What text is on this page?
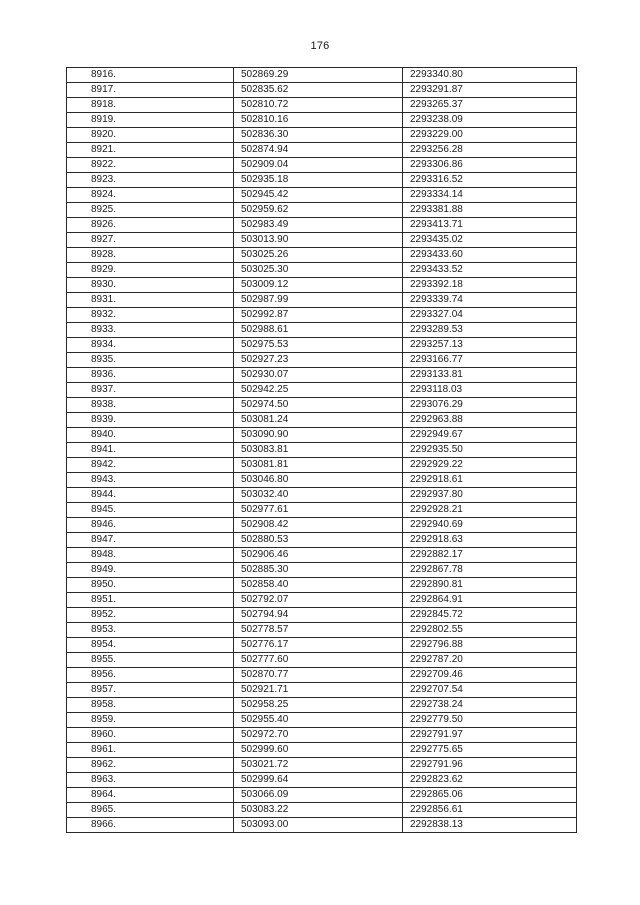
176
8916.	502869.29	2293340.80
8917.	502835.62	2293291.87
8918.	502810.72	2293265.37
8919.	502810.16	2293238.09
8920.	502836.30	2293229.00
8921.	502874.94	2293256.28
8922.	502909.04	2293306.86
8923.	502935.18	2293316.52
8924.	502945.42	2293334.14
8925.	502959.62	2293381.88
8926.	502983.49	2293413.71
8927.	503013.90	2293435.02
8928.	503025.26	2293433.60
8929.	503025.30	2293433.52
8930.	503009.12	2293392.18
8931.	502987.99	2293339.74
8932.	502992.87	2293327.04
8933.	502988.61	2293289.53
8934.	502975.53	2293257.13
8935.	502927.23	2293166.77
8936.	502930.07	2293133.81
8937.	502942.25	2293118.03
8938.	502974.50	2293076.29
8939.	503081.24	2292963.88
8940.	503090.90	2292949.67
8941.	503083.81	2292935.50
8942.	503081.81	2292929.22
8943.	503046.80	2292918.61
8944.	503032.40	2292937.80
8945.	502977.61	2292928.21
8946.	502908.42	2292940.69
8947.	502880.53	2292918.63
8948.	502906.46	2292882.17
8949.	502885.30	2292867.78
8950.	502858.40	2292890.81
8951.	502792.07	2292864.91
8952.	502794.94	2292845.72
8953.	502778.57	2292802.55
8954.	502776.17	2292796.88
8955.	502777.60	2292787.20
8956.	502870.77	2292709.46
8957.	502921.71	2292707.54
8958.	502958.25	2292738.24
8959.	502955.40	2292779.50
8960.	502972.70	2292791.97
8961.	502999.60	2292775.65
8962.	503021.72	2292791.96
8963.	502999.64	2292823.62
8964.	503066.09	2292865.06
8965.	503083.22	2292856.61
8966.	503093.00	2292838.13
